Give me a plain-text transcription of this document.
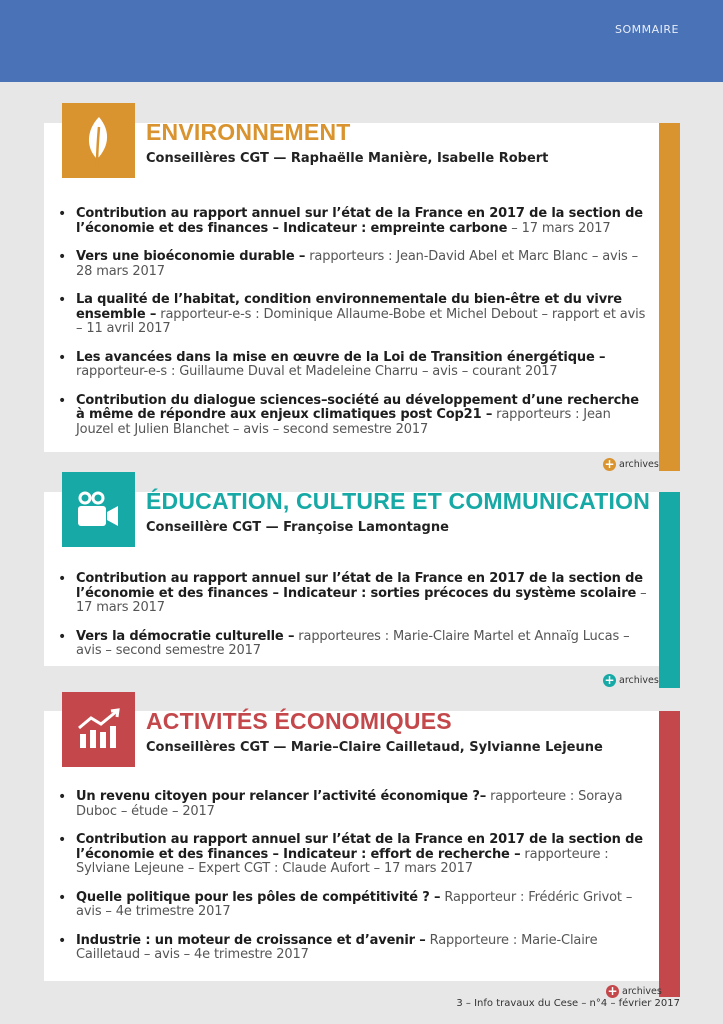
SOMMAIRE
ENVIRONNEMENT
Conseillères CGT — Raphaëlle Manière, Isabelle Robert
• Contribution au rapport annuel sur l’état de la France en 2017 de la section de l’économie et des finances – Indicateur : empreinte carbone – 17 mars 2017
• Vers une bioéconomie durable – rapporteurs : Jean-David Abel et Marc Blanc – avis – 28 mars 2017
• La qualité de l’habitat, condition environnementale du bien-être et du vivre ensemble – rapporteur-e-s : Dominique Allaume-Bobe et Michel Debout – rapport et avis – 11 avril 2017
• Les avancées dans la mise en œuvre de la Loi de Transition énergétique – rapporteur-e-s : Guillaume Duval et Madeleine Charru – avis – courant 2017
• Contribution du dialogue sciences–société au développement d’une recherche à même de répondre aux enjeux climatiques post Cop21 – rapporteurs : Jean Jouzel et Julien Blanchet – avis – second semestre 2017
+ archives
ÉDUCATION, CULTURE ET COMMUNICATION
Conseillère CGT — Françoise Lamontagne
• Contribution au rapport annuel sur l’état de la France en 2017 de la section de l’économie et des finances – Indicateur : sorties précoces du système scolaire – 17 mars 2017
• Vers la démocratie culturelle – rapporteures : Marie-Claire Martel et Annaïg Lucas – avis – second semestre 2017
+ archives
ACTIVITÉS ÉCONOMIQUES
Conseillères CGT — Marie–Claire Cailletaud, Sylvianne Lejeune
• Un revenu citoyen pour relancer l’activité économique ?– rapporteure : Soraya Duboc – étude – 2017
• Contribution au rapport annuel sur l’état de la France en 2017 de la section de l’économie et des finances – Indicateur : effort de recherche – rapporteure : Sylviane Lejeune – Expert CGT : Claude Aufort – 17 mars 2017
• Quelle politique pour les pôles de compétitivité ? – Rapporteur : Frédéric Grivot – avis – 4e trimestre 2017
• Industrie : un moteur de croissance et d’avenir – Rapporteure : Marie-Claire Cailletaud – avis – 4e trimestre 2017
+ archives
3 – Info travaux du Cese – n°4 – février 2017
